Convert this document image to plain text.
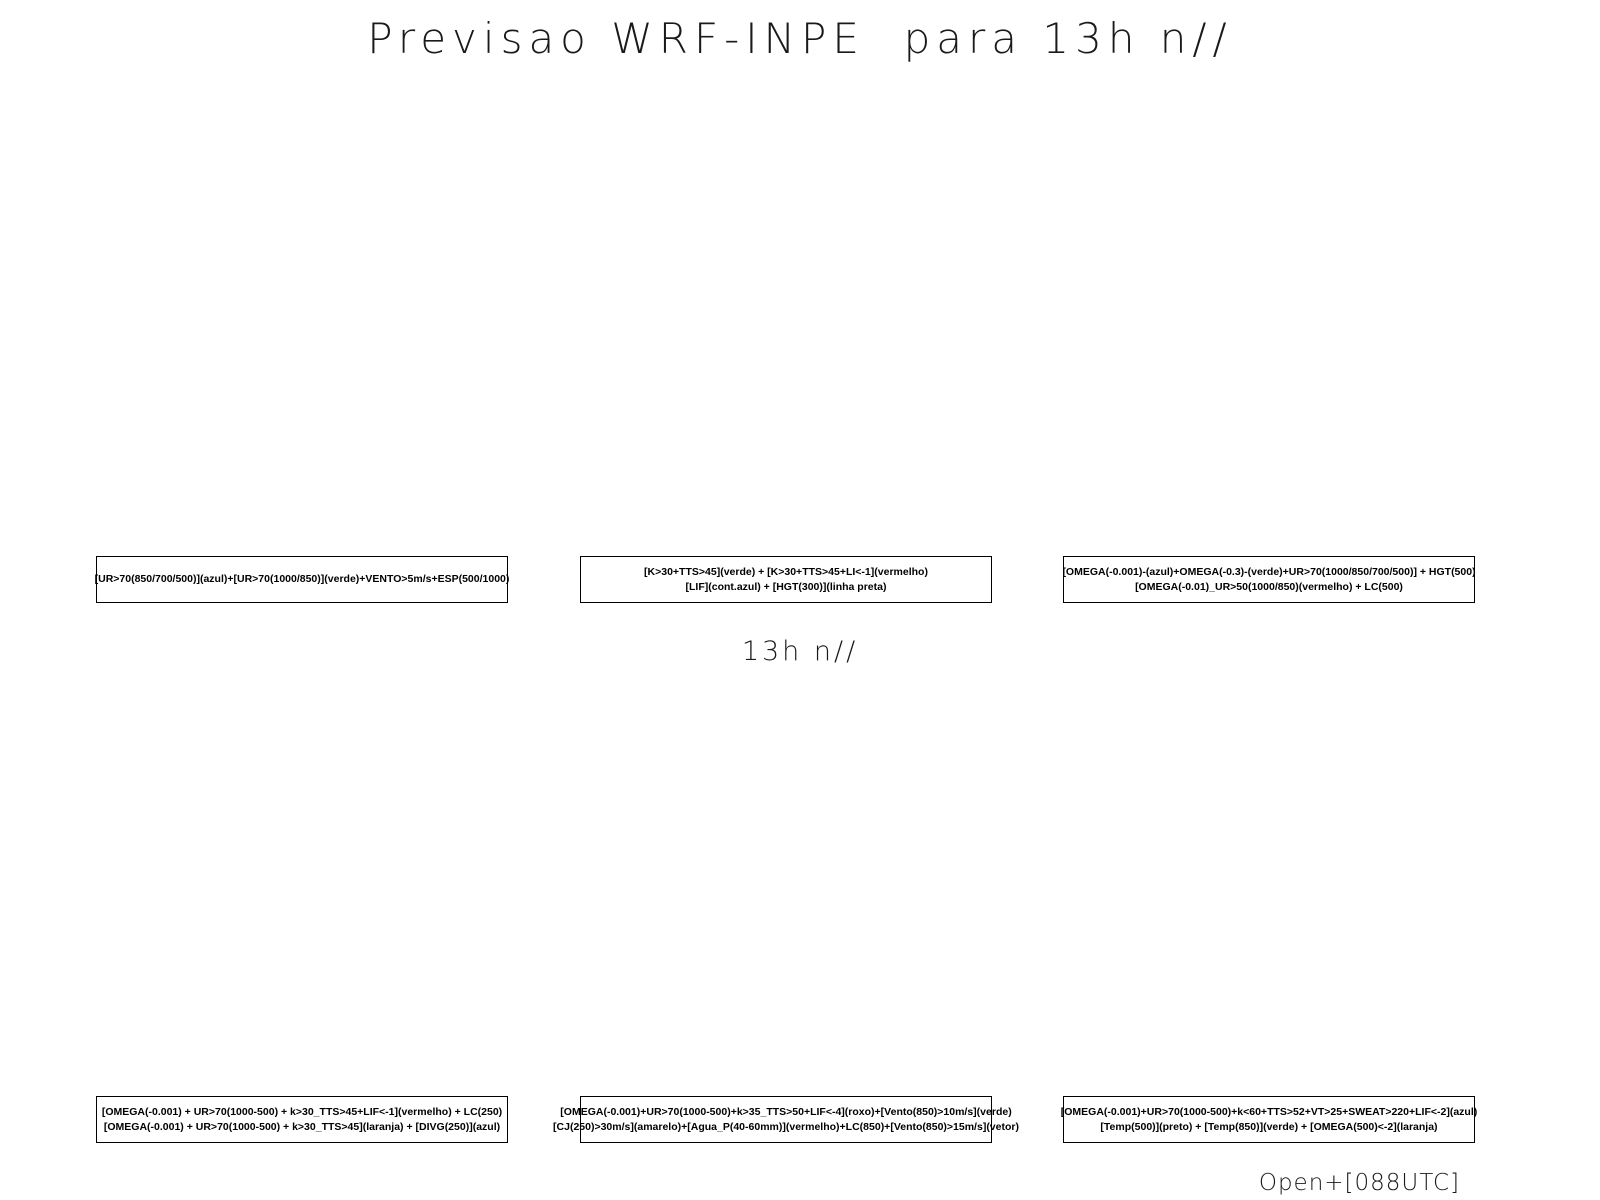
Previsao WRF-INPE  para 13h n//
13h n//
[UR>70(850/700/500)](azul)+[UR>70(1000/850)](verde)+VENTO>5m/s+ESP(500/1000)
[K>30+TTS>45](verde) + [K>30+TTS>45+LI<-1](vermelho)
[LIF](cont.azul) + [HGT(300)](linha preta)
[OMEGA(-0.001)-(azul)+OMEGA(-0.3)-(verde)+UR>70(1000/850/700/500)] + HGT(500)
[OMEGA(-0.01)_UR>50(1000/850)(vermelho) + LC(500)
[OMEGA(-0.001) + UR>70(1000-500) + k>30_TTS>45+LIF<-1](vermelho) + LC(250)
[OMEGA(-0.001) + UR>70(1000-500) + k>30_TTS>45](laranja) + [DIVG(250)](azul)
[OMEGA(-0.001)+UR>70(1000-500)+k>35_TTS>50+LIF<-4](roxo)+[Vento(850)>10m/s](verde)
[CJ(250)>30m/s](amarelo)+[Agua_P(40-60mm)](vermelho)+LC(850)+[Vento(850)>15m/s](vetor)
[OMEGA(-0.001)+UR>70(1000-500)+k<60+TTS>52+VT>25+SWEAT>220+LIF<-2](azul)
[Temp(500)](preto) + [Temp(850)](verde) + [OMEGA(500)<-2](laranja)
Open+[088UTC]
